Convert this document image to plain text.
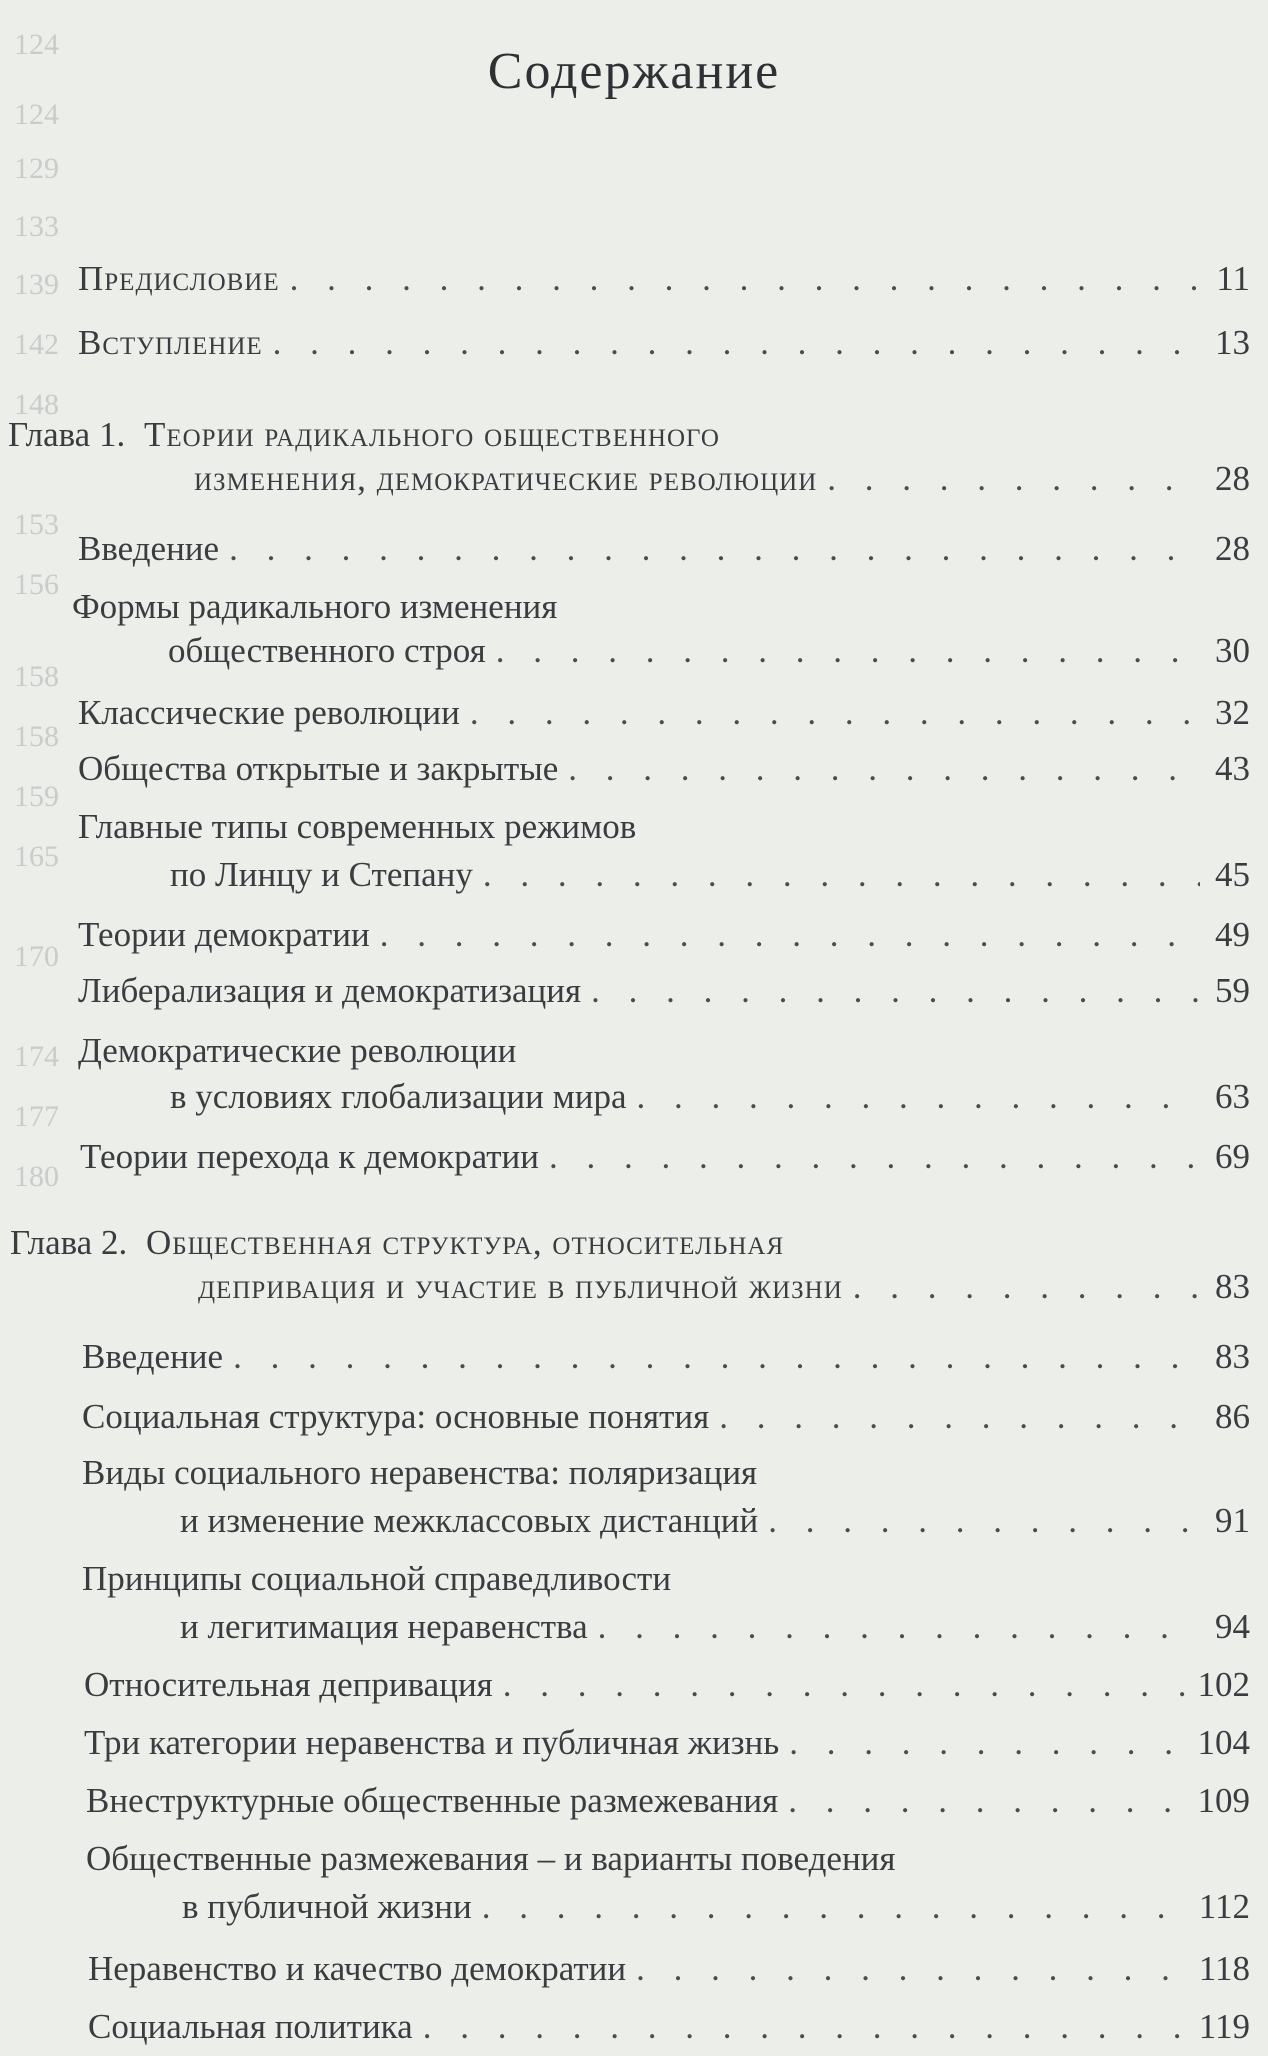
124
124
129
133
139
142
148
153
156
158
158
159
165
170
174
177
180
Содержание
Предисловие . . .	11
Вступление . . .	13
Глава 1. Теории радикального общественного
изменения, демократические революции . . .	28
Введение . . .	28
Формы радикального изменения
общественного строя . . .	30
Классические революции . . .	32
Общества открытые и закрытые . . .	43
Главные типы современных режимов
по Линцу и Степану . . .	45
Теории демократии . . .	49
Либерализация и демократизация . . .	59
Демократические революции
в условиях глобализации мира . . .	63
Теории перехода к демократии . . .	69
Глава 2. Общественная структура, относительная
депривация и участие в публичной жизни . . .	83
Введение . . .	83
Социальная структура: основные понятия . . .	86
Виды социального неравенства: поляризация
и изменение межклассовых дистанций . . .	91
Принципы социальной справедливости
и легитимация неравенства . . .	94
Относительная депривация . . .	102
Три категории неравенства и публичная жизнь . . .	104
Внеструктурные общественные размежевания . . .	109
Общественные размежевания – и варианты поведения
в публичной жизни . . .	112
Неравенство и качество демократии . . .	118
Социальная политика . . .	119
